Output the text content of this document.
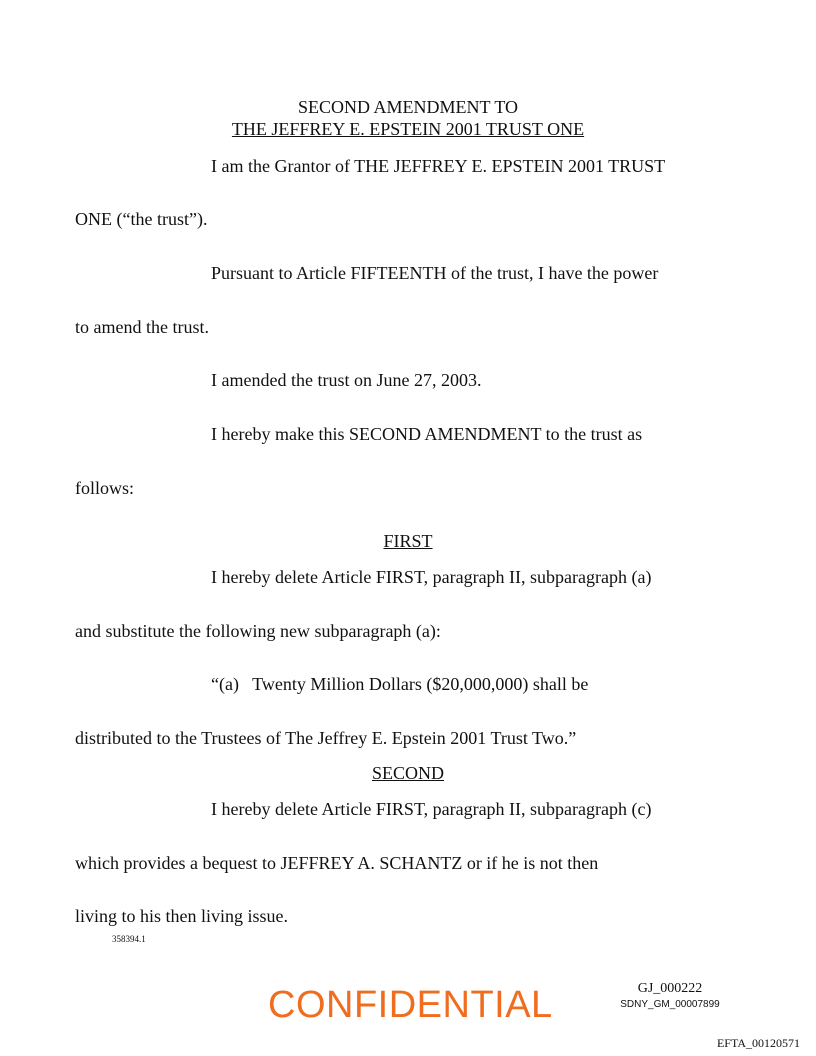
SECOND AMENDMENT TO
THE JEFFREY E. EPSTEIN 2001 TRUST ONE
I am the Grantor of THE JEFFREY E. EPSTEIN 2001 TRUST
ONE (“the trust”).
Pursuant to Article FIFTEENTH of the trust, I have the power
to amend the trust.
I amended the trust on June 27, 2003.
I hereby make this SECOND AMENDMENT to the trust as
follows:
FIRST
I hereby delete Article FIRST, paragraph II, subparagraph (a)
and substitute the following new subparagraph (a):
“(a)   Twenty Million Dollars ($20,000,000) shall be
distributed to the Trustees of The Jeffrey E. Epstein 2001 Trust Two.”
SECOND
I hereby delete Article FIRST, paragraph II, subparagraph (c)
which provides a bequest to JEFFREY A. SCHANTZ or if he is not then
living to his then living issue.
358394.1
CONFIDENTIAL	GJ_000222
SDNY_GM_00007899
EFTA_00120571
